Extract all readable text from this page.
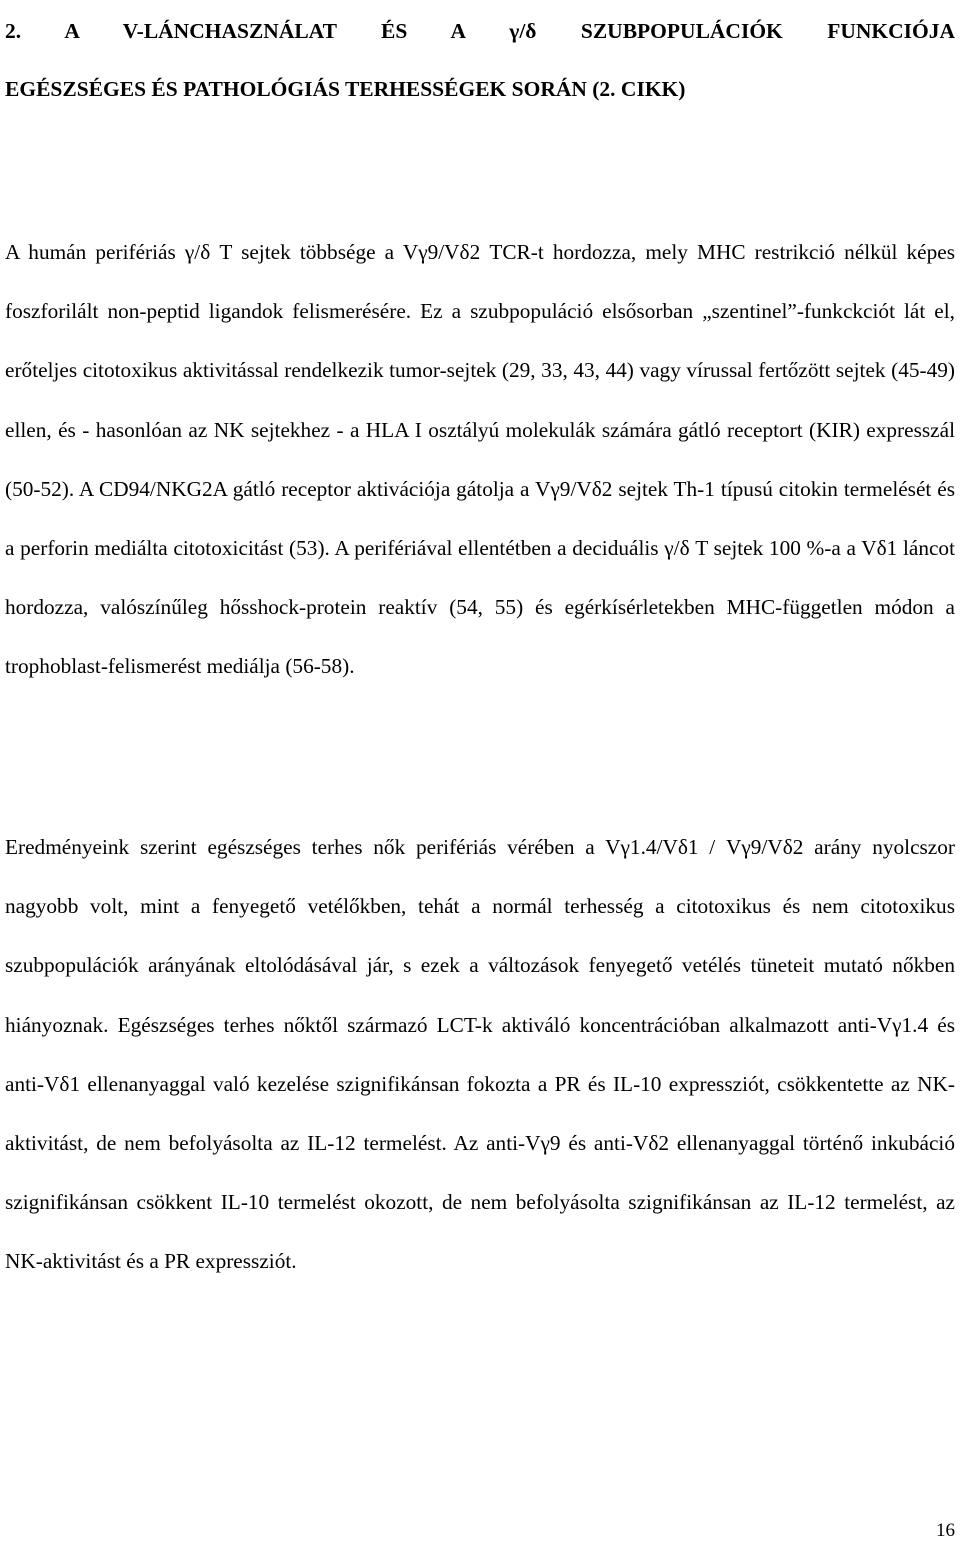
2. A V-LÁNCHASZNÁLAT ÉS A γ/δ SZUBPOPULÁCIÓK FUNKCIÓJA
EGÉSZSÉGES ÉS PATHOLÓGIÁS TERHESSÉGEK SORÁN (2. CIKK)

A humán perifériás γ/δ T sejtek többsége a Vγ9/Vδ2 TCR-t hordozza, mely MHC restrikció nélkül képes foszforilált non-peptid ligandok felismerésére. Ez a szubpopuláció elsősorban „szentinel”-funkckciót lát el, erőteljes citotoxikus aktivitással rendelkezik tumor-sejtek (29, 33, 43, 44) vagy vírussal fertőzött sejtek (45-49) ellen, és - hasonlóan az NK sejtekhez - a HLA I osztályú molekulák számára gátló receptort (KIR) expresszál (50-52). A CD94/NKG2A gátló receptor aktivációja gátolja a Vγ9/Vδ2 sejtek Th-1 típusú citokin termelését és a perforin mediálta citotoxicitást (53). A perifériával ellentétben a deciduális γ/δ T sejtek 100 %-a a Vδ1 láncot hordozza, valószínűleg hősshock-protein reaktív (54, 55) és egérkísérletekben MHC-független módon a trophoblast-felismerést mediálja (56-58).

Eredményeink szerint egészséges terhes nők perifériás vérében a Vγ1.4/Vδ1 / Vγ9/Vδ2 arány nyolcszor nagyobb volt, mint a fenyegető vetélőkben, tehát a normál terhesség a citotoxikus és nem citotoxikus szubpopulációk arányának eltolódásával jár, s ezek a változások fenyegető vetélés tüneteit mutató nőkben hiányoznak. Egészséges terhes nőktől származó LCT-k aktiváló koncentrációban alkalmazott anti-Vγ1.4 és anti-Vδ1 ellenanyaggal való kezelése szignifikánsan fokozta a PR és IL-10 expressziót, csökkentette az NK-aktivitást, de nem befolyásolta az IL-12 termelést. Az anti-Vγ9 és anti-Vδ2 ellenanyaggal történő inkubáció szignifikánsan csökkent IL-10 termelést okozott, de nem befolyásolta szignifikánsan az IL-12 termelést, az NK-aktivitást és a PR expressziót.

16
